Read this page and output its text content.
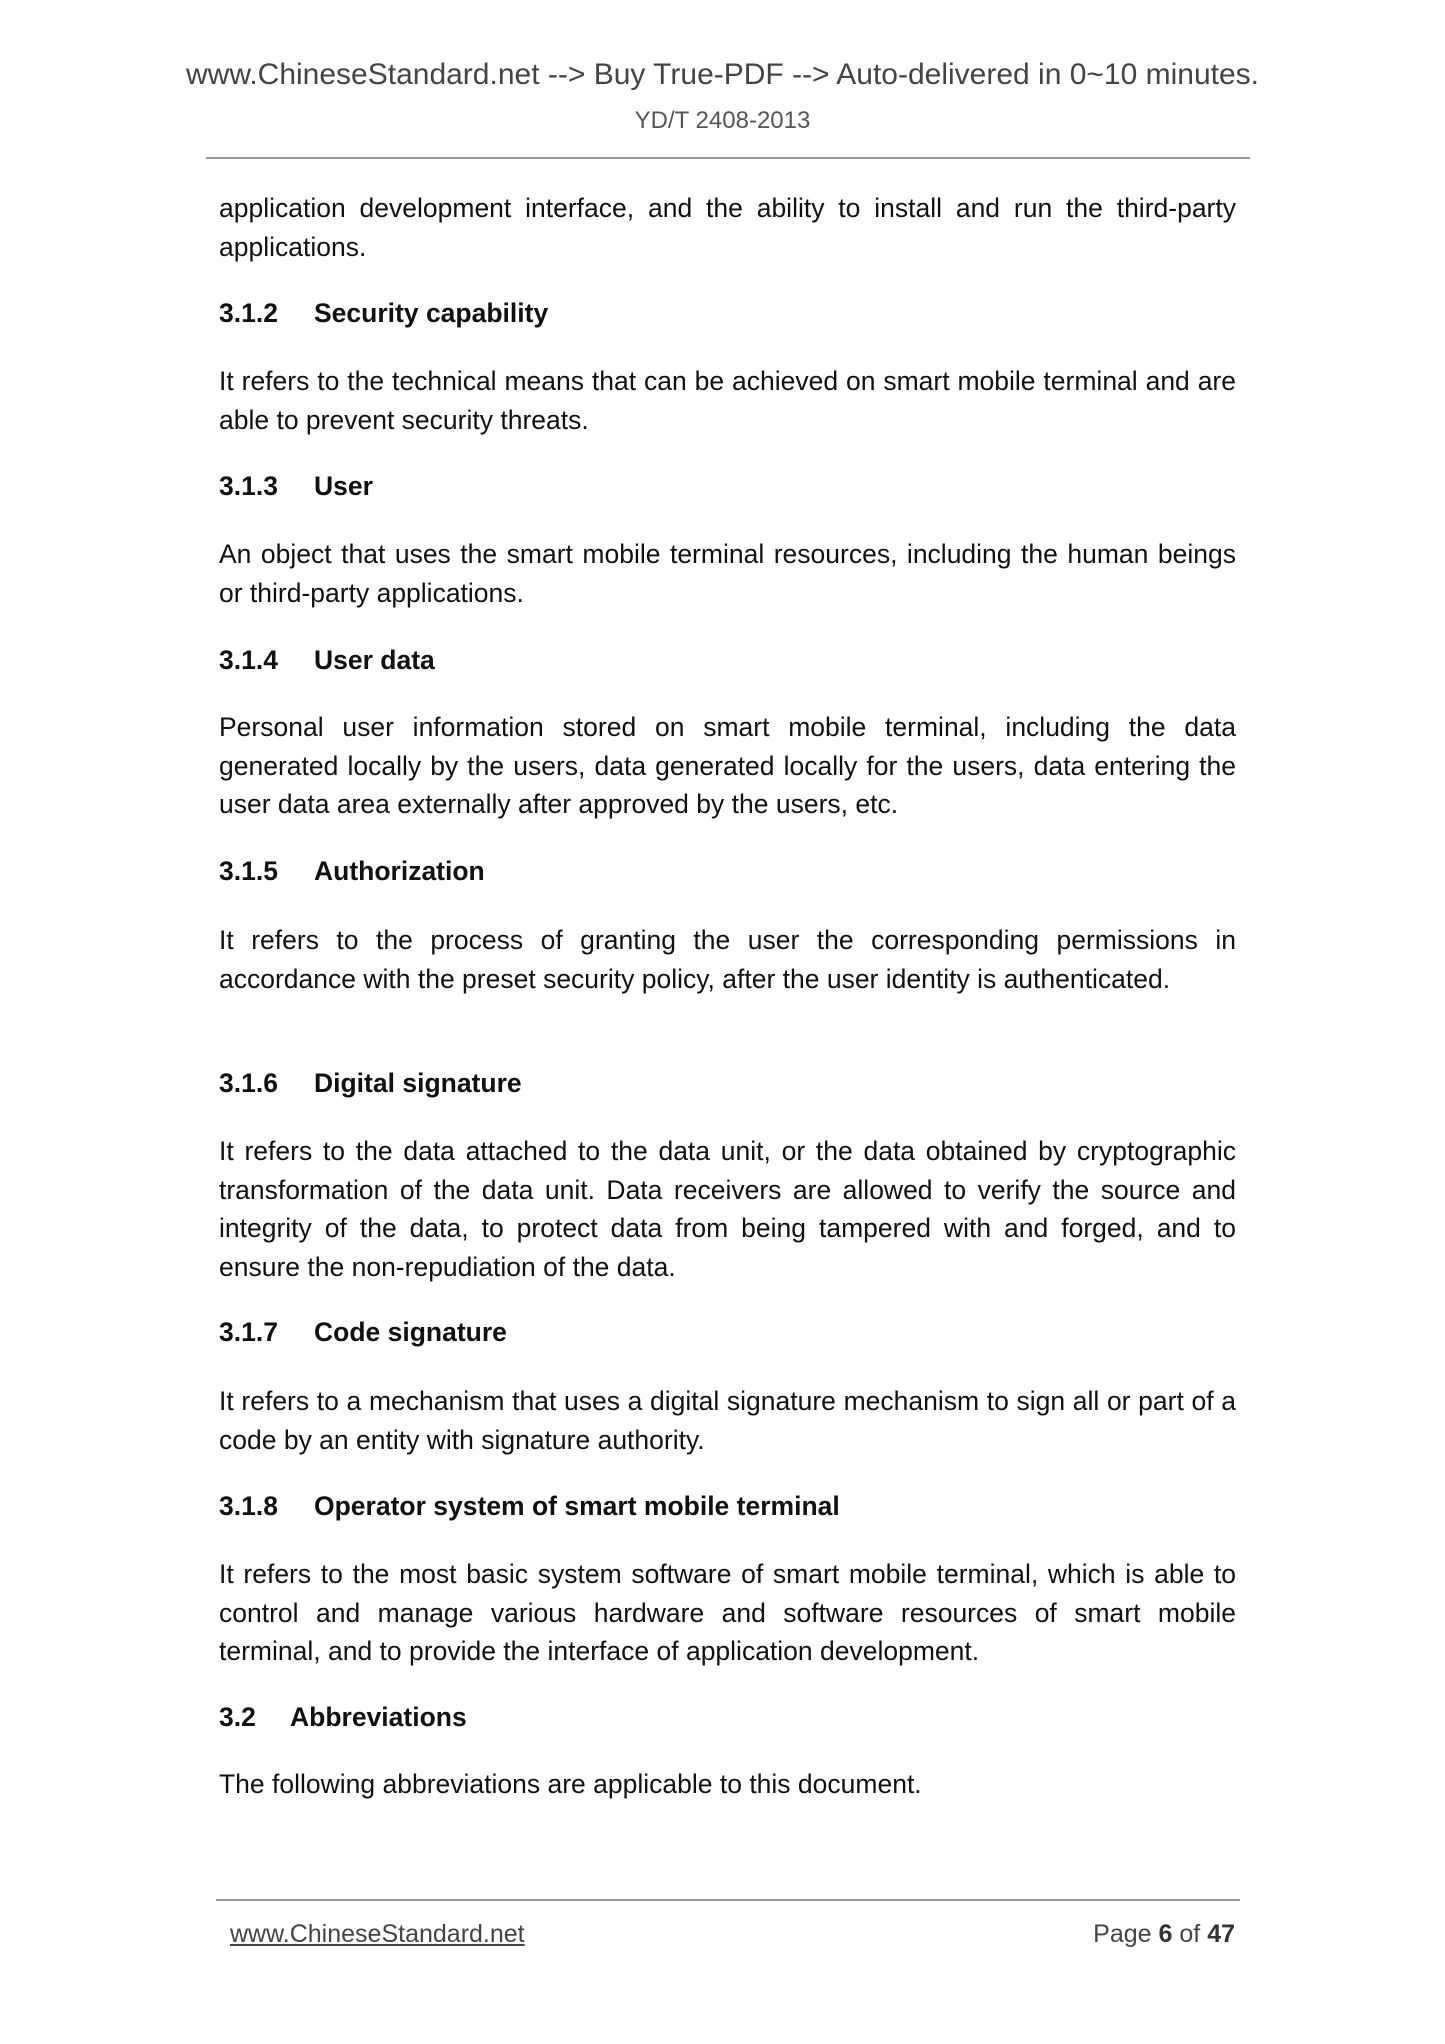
www.ChineseStandard.net --> Buy True-PDF --> Auto-delivered in 0~10 minutes.
YD/T 2408-2013
application development interface, and the ability to install and run the third-party applications.
3.1.2 Security capability
It refers to the technical means that can be achieved on smart mobile terminal and are able to prevent security threats.
3.1.3 User
An object that uses the smart mobile terminal resources, including the human beings or third-party applications.
3.1.4 User data
Personal user information stored on smart mobile terminal, including the data generated locally by the users, data generated locally for the users, data entering the user data area externally after approved by the users, etc.
3.1.5 Authorization
It refers to the process of granting the user the corresponding permissions in accordance with the preset security policy, after the user identity is authenticated.
3.1.6 Digital signature
It refers to the data attached to the data unit, or the data obtained by cryptographic transformation of the data unit. Data receivers are allowed to verify the source and integrity of the data, to protect data from being tampered with and forged, and to ensure the non-repudiation of the data.
3.1.7 Code signature
It refers to a mechanism that uses a digital signature mechanism to sign all or part of a code by an entity with signature authority.
3.1.8 Operator system of smart mobile terminal
It refers to the most basic system software of smart mobile terminal, which is able to control and manage various hardware and software resources of smart mobile terminal, and to provide the interface of application development.
3.2 Abbreviations
The following abbreviations are applicable to this document.
www.ChineseStandard.net	Page 6 of 47
